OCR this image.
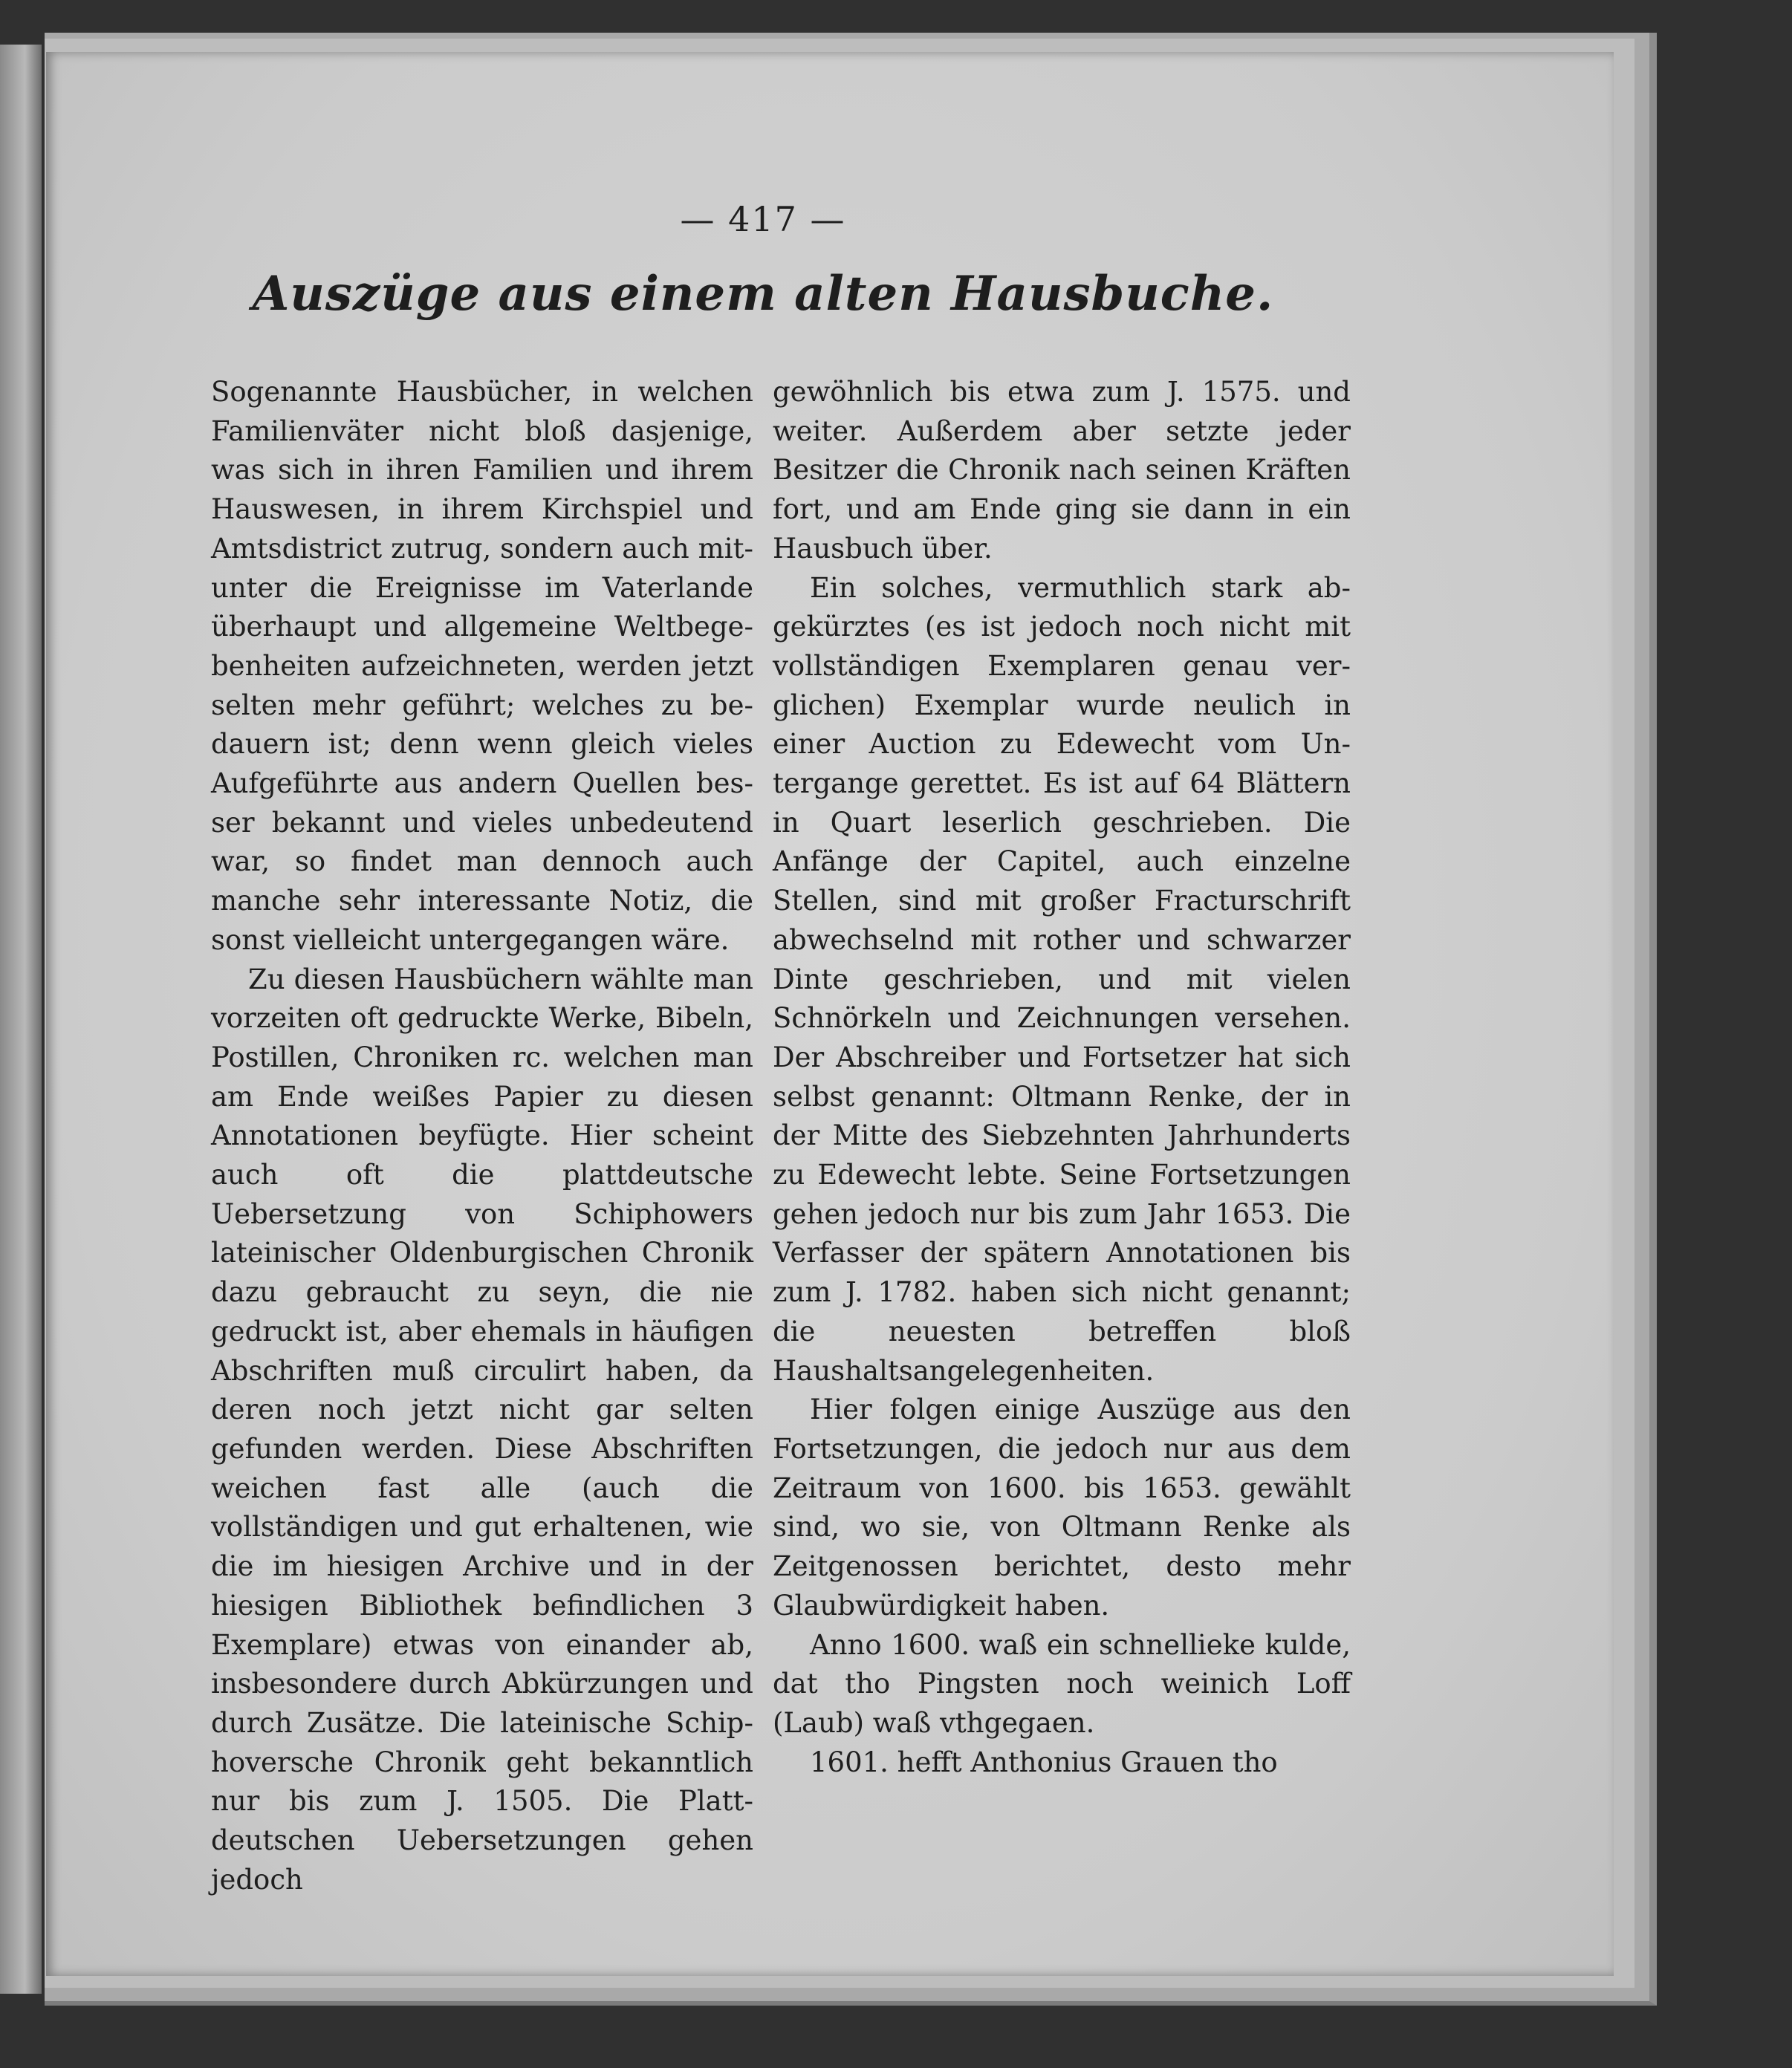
— 417 —
Auszüge aus einem alten Hausbuche.

Sogenannte Hausbücher, in welchen Familienväter nicht bloß dasjenige, was sich in ihren Familien und ihrem Hauswesen, in ihrem Kirchspiel und Amtsdistrict zutrug, sondern auch mitunter die Ereignisse im Vaterlande überhaupt und allgemeine Weltbegebenheiten aufzeichneten, werden jetzt selten mehr geführt; welches zu bedauern ist; denn wenn gleich vieles Aufgeführte aus andern Quellen besser bekannt und vieles unbedeutend war, so findet man dennoch auch manche sehr interessante Notiz, die sonst vielleicht untergegangen wäre.

Zu diesen Hausbüchern wählte man vorzeiten oft gedruckte Werke, Bibeln, Postillen, Chroniken rc. welchen man am Ende weißes Papier zu diesen Annotationen beyfügte. Hier scheint auch oft die plattdeutsche Uebersetzung von Schiphowers lateinischer Oldenburgischen Chronik dazu gebraucht zu seyn, die nie gedruckt ist, aber ehemals in häufigen Abschriften muß circulirt haben, da deren noch jetzt nicht gar selten gefunden werden. Diese Abschriften weichen fast alle (auch die vollständigen und gut erhaltenen, wie die im hiesigen Archive und in der hiesigen Bibliothek befindlichen 3 Exemplare) etwas von einander ab, insbesondere durch Abkürzungen und durch Zusätze. Die lateinische Schiphoversche Chronik geht bekanntlich nur bis zum J. 1505. Die Plattdeutschen Uebersetzungen gehen jedoch

gewöhnlich bis etwa zum J. 1575. und weiter. Außerdem aber setzte jeder Besitzer die Chronik nach seinen Kräften fort, und am Ende ging sie dann in ein Hausbuch über.

Ein solches, vermuthlich stark abgekürztes (es ist jedoch noch nicht mit vollständigen Exemplaren genau verglichen) Exemplar wurde neulich in einer Auction zu Edewecht vom Untergange gerettet. Es ist auf 64 Blättern in Quart leserlich geschrieben. Die Anfänge der Capitel, auch einzelne Stellen, sind mit großer Fracturschrift abwechselnd mit rother und schwarzer Dinte geschrieben, und mit vielen Schnörkeln und Zeichnungen versehen. Der Abschreiber und Fortsetzer hat sich selbst genannt: Oltmann Renke, der in der Mitte des Siebzehnten Jahrhunderts zu Edewecht lebte. Seine Fortsetzungen gehen jedoch nur bis zum Jahr 1653. Die Verfasser der spätern Annotationen bis zum J. 1782. haben sich nicht genannt; die neuesten betreffen bloß Haushaltsangelegenheiten.

Hier folgen einige Auszüge aus den Fortsetzungen, die jedoch nur aus dem Zeitraum von 1600. bis 1653. gewählt sind, wo sie, von Oltmann Renke als Zeitgenossen berichtet, desto mehr Glaubwürdigkeit haben.

Anno 1600. waß ein schnellieke kulde, dat tho Pingsten noch weinich Loff (Laub) waß vthgegaen.

1601. hefft Anthonius Grauen tho
